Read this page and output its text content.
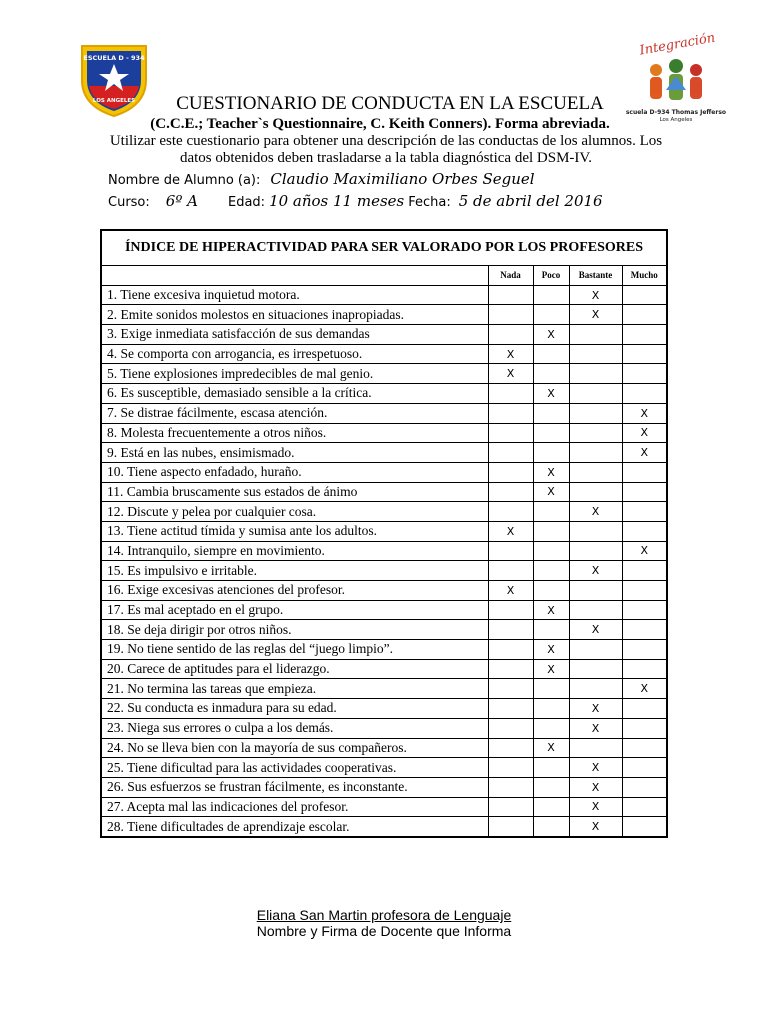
ESCUELA D - 934
LOS ANGELES
Integración
Escuela D-934 Thomas Jefferson
Los Angeles
CUESTIONARIO DE CONDUCTA EN LA ESCUELA
(C.C.E.; Teacher`s Questionnaire, C. Keith Conners). Forma abreviada.
Utilizar este cuestionario para obtener una descripción de las conductas de los alumnos. Los datos obtenidos deben trasladarse a la tabla diagnóstica del DSM-IV.
Nombre de Alumno (a): Claudio Maximiliano Orbes Seguel
Curso: 6º A Edad: 10 años 11 meses Fecha: 5 de abril del 2016
ÍNDICE DE HIPERACTIVIDAD PARA SER VALORADO POR LOS PROFESORES				
	Nada	Poco	Bastante	Mucho
1. Tiene excesiva inquietud motora.			X	
2. Emite sonidos molestos en situaciones inapropiadas.			X	
3. Exige inmediata satisfacción de sus demandas		X		
4. Se comporta con arrogancia, es irrespetuoso.	X			
5. Tiene explosiones impredecibles de mal genio.	X			
6. Es susceptible, demasiado sensible a la crítica.		X		
7. Se distrae fácilmente, escasa atención.				X
8. Molesta frecuentemente a otros niños.				X
9. Está en las nubes, ensimismado.				X
10. Tiene aspecto enfadado, huraño.		X		
11. Cambia bruscamente sus estados de ánimo		X		
12. Discute y pelea por cualquier cosa.			X	
13. Tiene actitud tímida y sumisa ante los adultos.	X			
14. Intranquilo, siempre en movimiento.				X
15. Es impulsivo e irritable.			X	
16. Exige excesivas atenciones del profesor.	X			
17. Es mal aceptado en el grupo.		X		
18. Se deja dirigir por otros niños.			X	
19. No tiene sentido de las reglas del “juego limpio”.		X		
20. Carece de aptitudes para el liderazgo.		X		
21. No termina las tareas que empieza.				X
22. Su conducta es inmadura para su edad.			X	
23. Niega sus errores o culpa a los demás.			X	
24. No se lleva bien con la mayoría de sus compañeros.		X		
25. Tiene dificultad para las actividades cooperativas.			X	
26. Sus esfuerzos se frustran fácilmente, es inconstante.			X	
27. Acepta mal las indicaciones del profesor.			X	
28. Tiene dificultades de aprendizaje escolar.			X	
Eliana San Martin profesora de Lenguaje
Nombre y Firma de Docente que Informa
